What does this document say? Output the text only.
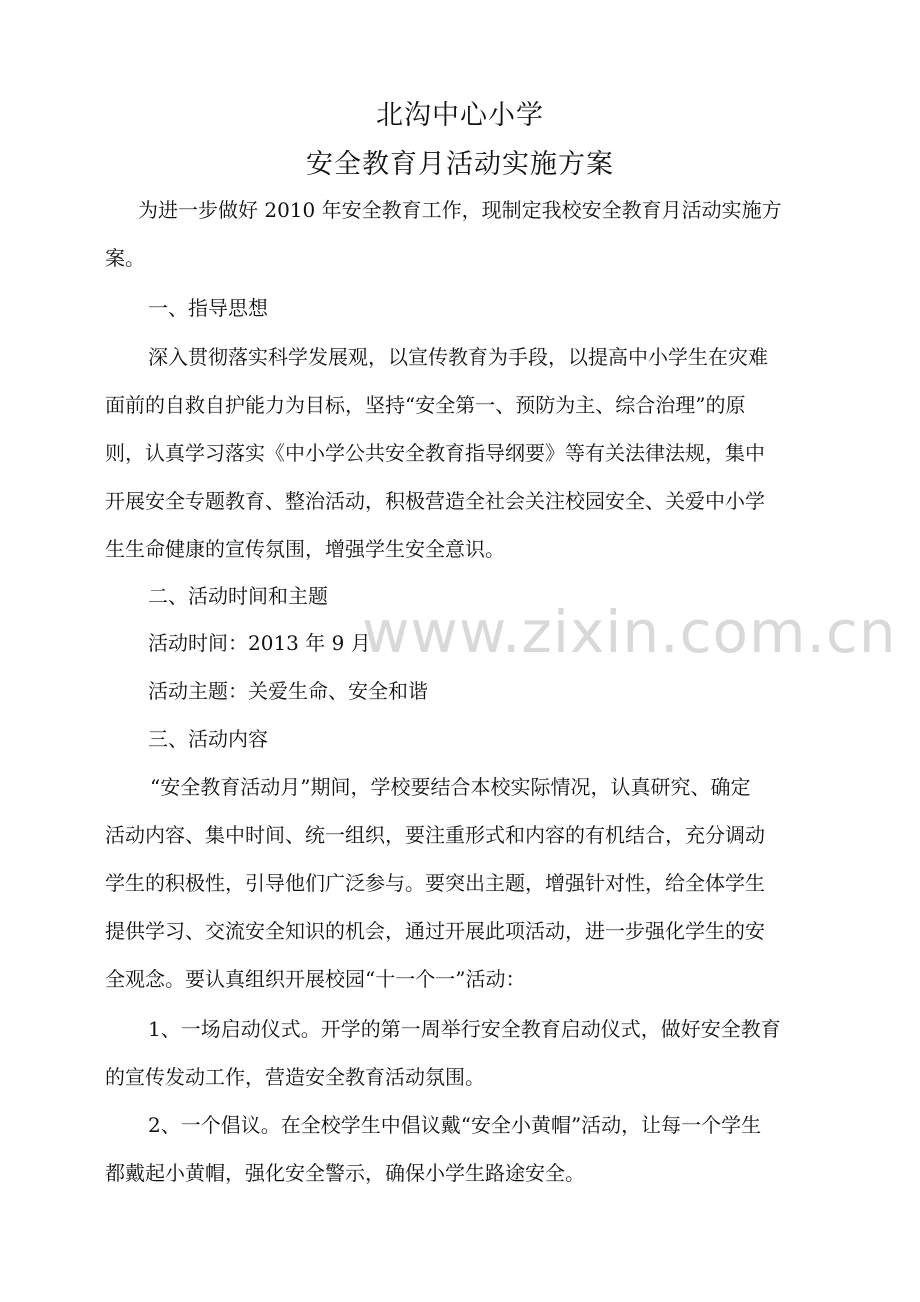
www.zixin.com.cn
北沟中心小学
安全教育月活动实施方案
为进一步做好 2010 年安全教育工作，现制定我校安全教育月活动实施方
案。
一、指导思想
深入贯彻落实科学发展观，以宣传教育为手段，以提高中小学生在灾难
面前的自救自护能力为目标，坚持“安全第一、预防为主、综合治理”的原
则，认真学习落实《中小学公共安全教育指导纲要》等有关法律法规，集中
开展安全专题教育、整治活动，积极营造全社会关注校园安全、关爱中小学
生生命健康的宣传氛围，增强学生安全意识。
二、活动时间和主题
活动时间：2013 年 9 月
活动主题：关爱生命、安全和谐
三、活动内容
“安全教育活动月”期间，学校要结合本校实际情况，认真研究、确定
活动内容、集中时间、统一组织，要注重形式和内容的有机结合，充分调动
学生的积极性，引导他们广泛参与。要突出主题，增强针对性，给全体学生
提供学习、交流安全知识的机会，通过开展此项活动，进一步强化学生的安
全观念。要认真组织开展校园“十一个一”活动：
1、一场启动仪式。开学的第一周举行安全教育启动仪式，做好安全教育
的宣传发动工作，营造安全教育活动氛围。
2、一个倡议。在全校学生中倡议戴“安全小黄帽”活动，让每一个学生
都戴起小黄帽，强化安全警示，确保小学生路途安全。
